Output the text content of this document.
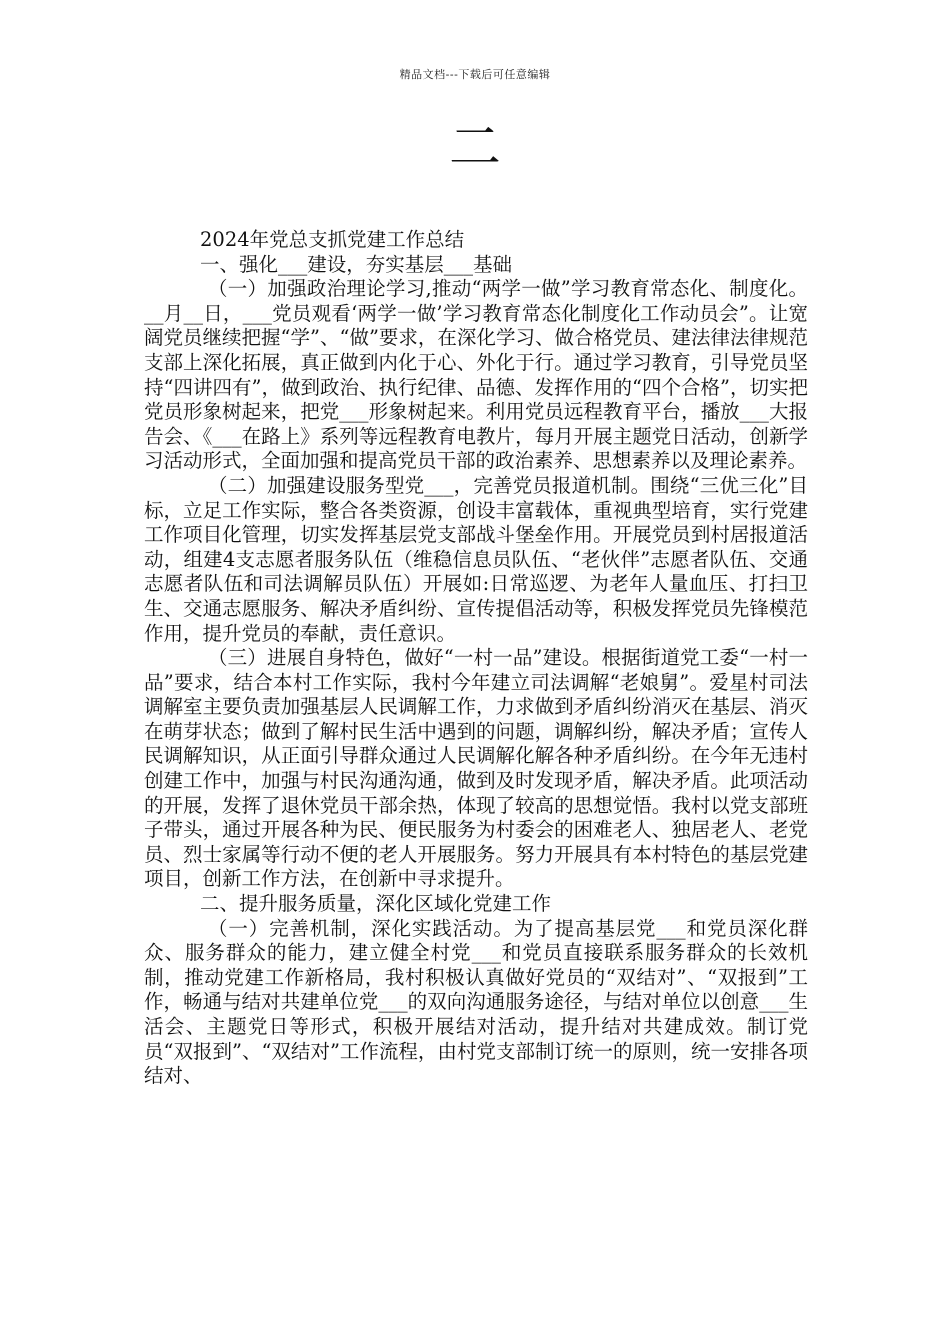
精品文档---下载后可任意编辑
二

2024年党总支抓党建工作总结

一、强化___建设，夯实基层___基础

（一）加强政治理论学习,推动“两学一做”学习教育常态化、制度化。__月__日，___党员观看‘两学一做’学习教育常态化制度化工作动员会”。让宽阔党员继续把握“学”、“做”要求，在深化学习、做合格党员、建法律法律规范支部上深化拓展，真正做到内化于心、外化于行。通过学习教育，引导党员坚持“四讲四有”，做到政治、执行纪律、品德、发挥作用的“四个合格”，切实把党员形象树起来，把党___形象树起来。利用党员远程教育平台，播放___大报告会、《___在路上》系列等远程教育电教片，每月开展主题党日活动，创新学习活动形式，全面加强和提高党员干部的政治素养、思想素养以及理论素养。

（二）加强建设服务型党___，完善党员报道机制。围绕“三优三化”目标，立足工作实际，整合各类资源，创设丰富载体，重视典型培育，实行党建工作项目化管理，切实发挥基层党支部战斗堡垒作用。开展党员到村居报道活动，组建4支志愿者服务队伍（维稳信息员队伍、“老伙伴”志愿者队伍、交通志愿者队伍和司法调解员队伍）开展如:日常巡逻、为老年人量血压、打扫卫生、交通志愿服务、解决矛盾纠纷、宣传提倡活动等，积极发挥党员先锋模范作用，提升党员的奉献，责任意识。

（三）进展自身特色，做好“一村一品”建设。根据街道党工委“一村一品”要求，结合本村工作实际，我村今年建立司法调解“老娘舅”。爱星村司法调解室主要负责加强基层人民调解工作，力求做到矛盾纠纷消灭在基层、消灭在萌芽状态；做到了解村民生活中遇到的问题，调解纠纷，解决矛盾；宣传人民调解知识，从正面引导群众通过人民调解化解各种矛盾纠纷。在今年无违村创建工作中，加强与村民沟通沟通，做到及时发现矛盾，解决矛盾。此项活动的开展，发挥了退休党员干部余热，体现了较高的思想觉悟。我村以党支部班子带头，通过开展各种为民、便民服务为村委会的困难老人、独居老人、老党员、烈士家属等行动不便的老人开展服务。努力开展具有本村特色的基层党建项目，创新工作方法，在创新中寻求提升。

二、提升服务质量，深化区域化党建工作

（一）完善机制，深化实践活动。为了提高基层党___和党员深化群众、服务群众的能力，建立健全村党___和党员直接联系服务群众的长效机制，推动党建工作新格局，我村积极认真做好党员的“双结对”、“双报到”工作，畅通与结对共建单位党___的双向沟通服务途径，与结对单位以创意___生活会、主题党日等形式，积极开展结对活动，提升结对共建成效。制订党员“双报到”、“双结对”工作流程，由村党支部制订统一的原则，统一安排各项结对、
